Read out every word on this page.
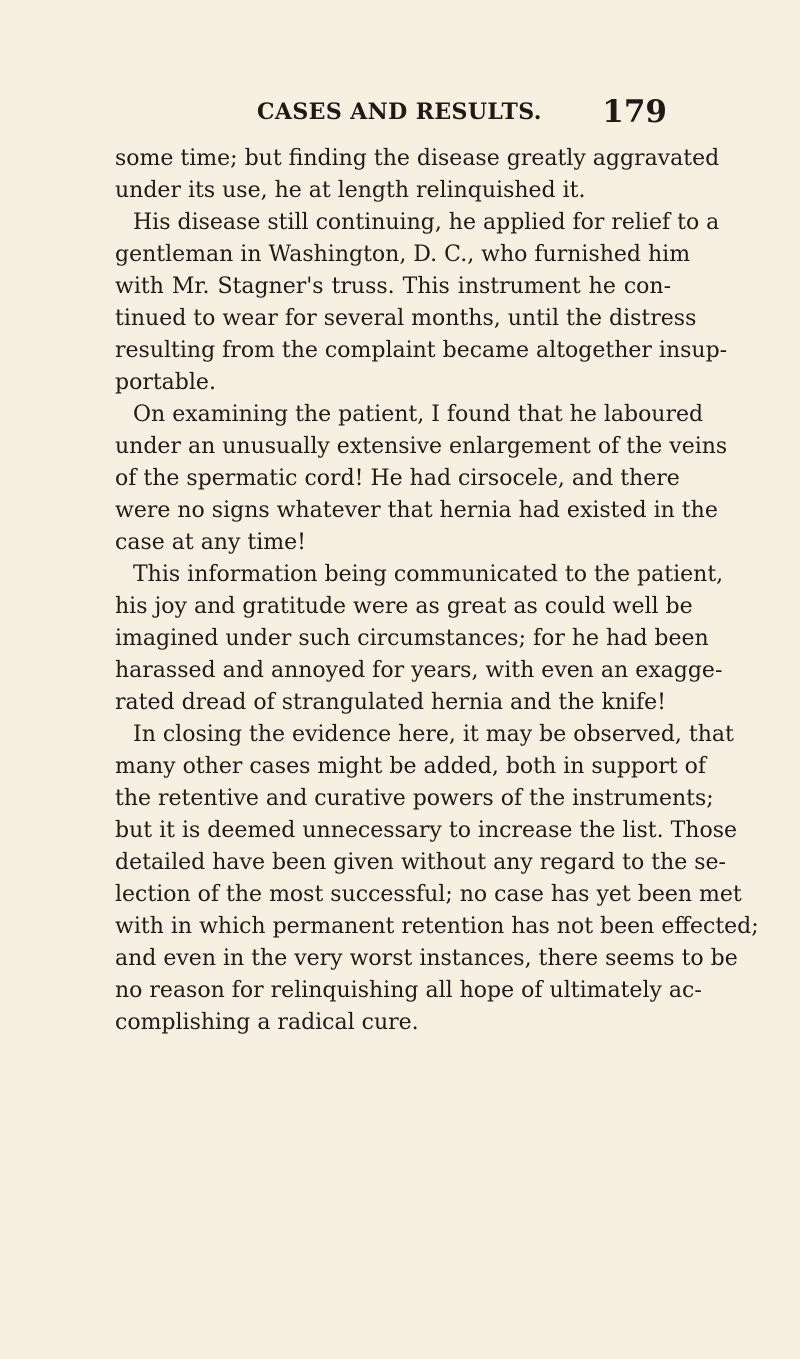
CASES AND RESULTS. 179
some time; but finding the disease greatly aggravated
under its use, he at length relinquished it.
His disease still continuing, he applied for relief to a
gentleman in Washington, D. C., who furnished him
with Mr. Stagner's truss. This instrument he con-
tinued to wear for several months, until the distress
resulting from the complaint became altogether insup-
portable.
On examining the patient, I found that he laboured
under an unusually extensive enlargement of the veins
of the spermatic cord! He had cirsocele, and there
were no signs whatever that hernia had existed in the
case at any time!
This information being communicated to the patient,
his joy and gratitude were as great as could well be
imagined under such circumstances; for he had been
harassed and annoyed for years, with even an exagge-
rated dread of strangulated hernia and the knife!
In closing the evidence here, it may be observed, that
many other cases might be added, both in support of
the retentive and curative powers of the instruments;
but it is deemed unnecessary to increase the list. Those
detailed have been given without any regard to the se-
lection of the most successful; no case has yet been met
with in which permanent retention has not been effected;
and even in the very worst instances, there seems to be
no reason for relinquishing all hope of ultimately ac-
complishing a radical cure.
